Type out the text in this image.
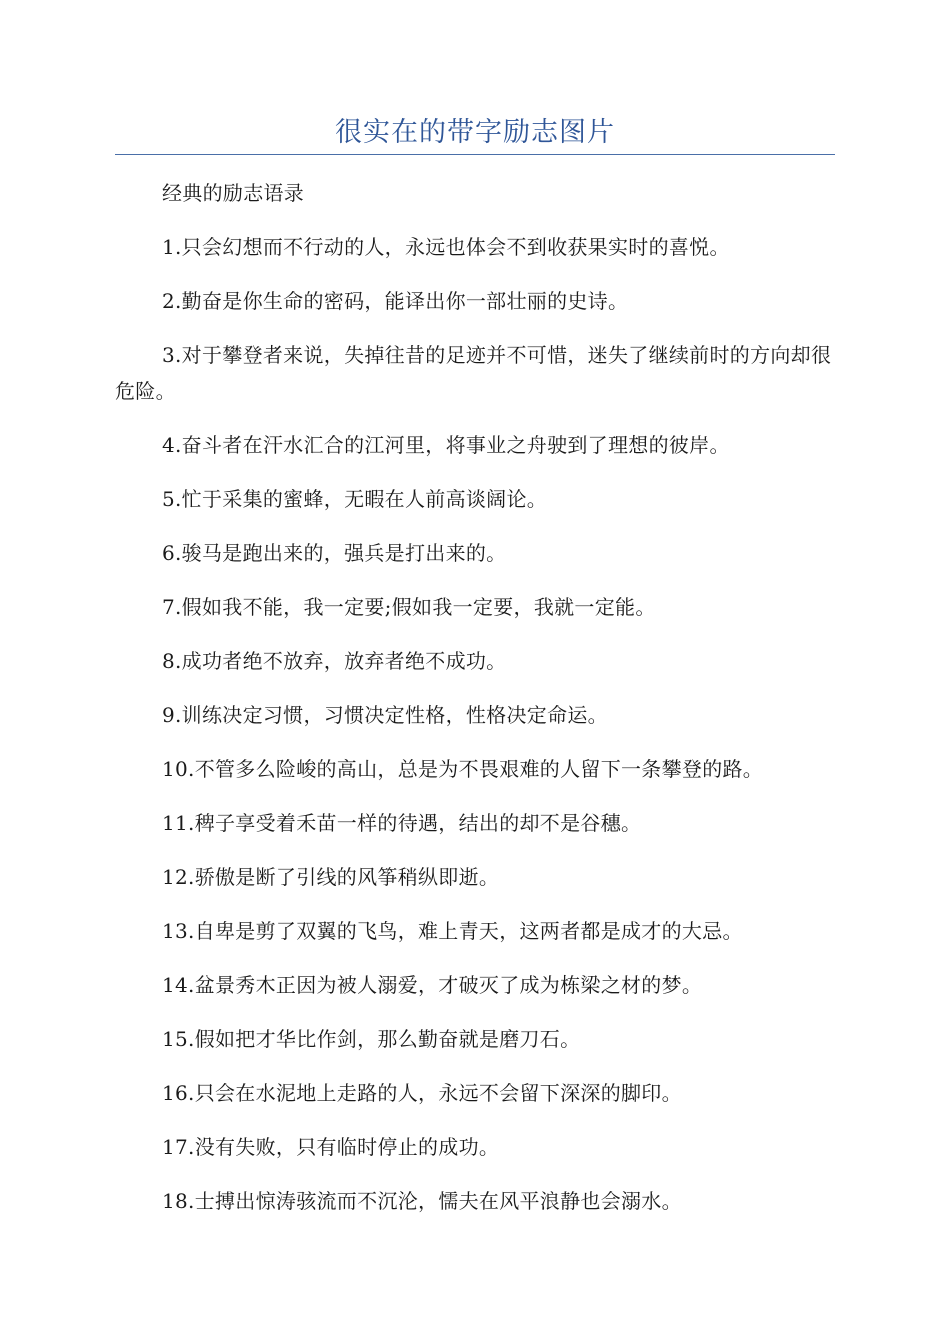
很实在的带字励志图片

经典的励志语录

1.只会幻想而不行动的人，永远也体会不到收获果实时的喜悦。

2.勤奋是你生命的密码，能译出你一部壮丽的史诗。

3.对于攀登者来说，失掉往昔的足迹并不可惜，迷失了继续前时的方向却很危险。

4.奋斗者在汗水汇合的江河里，将事业之舟驶到了理想的彼岸。

5.忙于采集的蜜蜂，无暇在人前高谈阔论。

6.骏马是跑出来的，强兵是打出来的。

7.假如我不能，我一定要;假如我一定要，我就一定能。

8.成功者绝不放弃，放弃者绝不成功。

9.训练决定习惯，习惯决定性格，性格决定命运。

10.不管多么险峻的高山，总是为不畏艰难的人留下一条攀登的路。

11.稗子享受着禾苗一样的待遇，结出的却不是谷穗。

12.骄傲是断了引线的风筝稍纵即逝。

13.自卑是剪了双翼的飞鸟，难上青天，这两者都是成才的大忌。

14.盆景秀木正因为被人溺爱，才破灭了成为栋梁之材的梦。

15.假如把才华比作剑，那么勤奋就是磨刀石。

16.只会在水泥地上走路的人，永远不会留下深深的脚印。

17.没有失败，只有临时停止的成功。

18.士搏出惊涛骇流而不沉沦，懦夫在风平浪静也会溺水。
